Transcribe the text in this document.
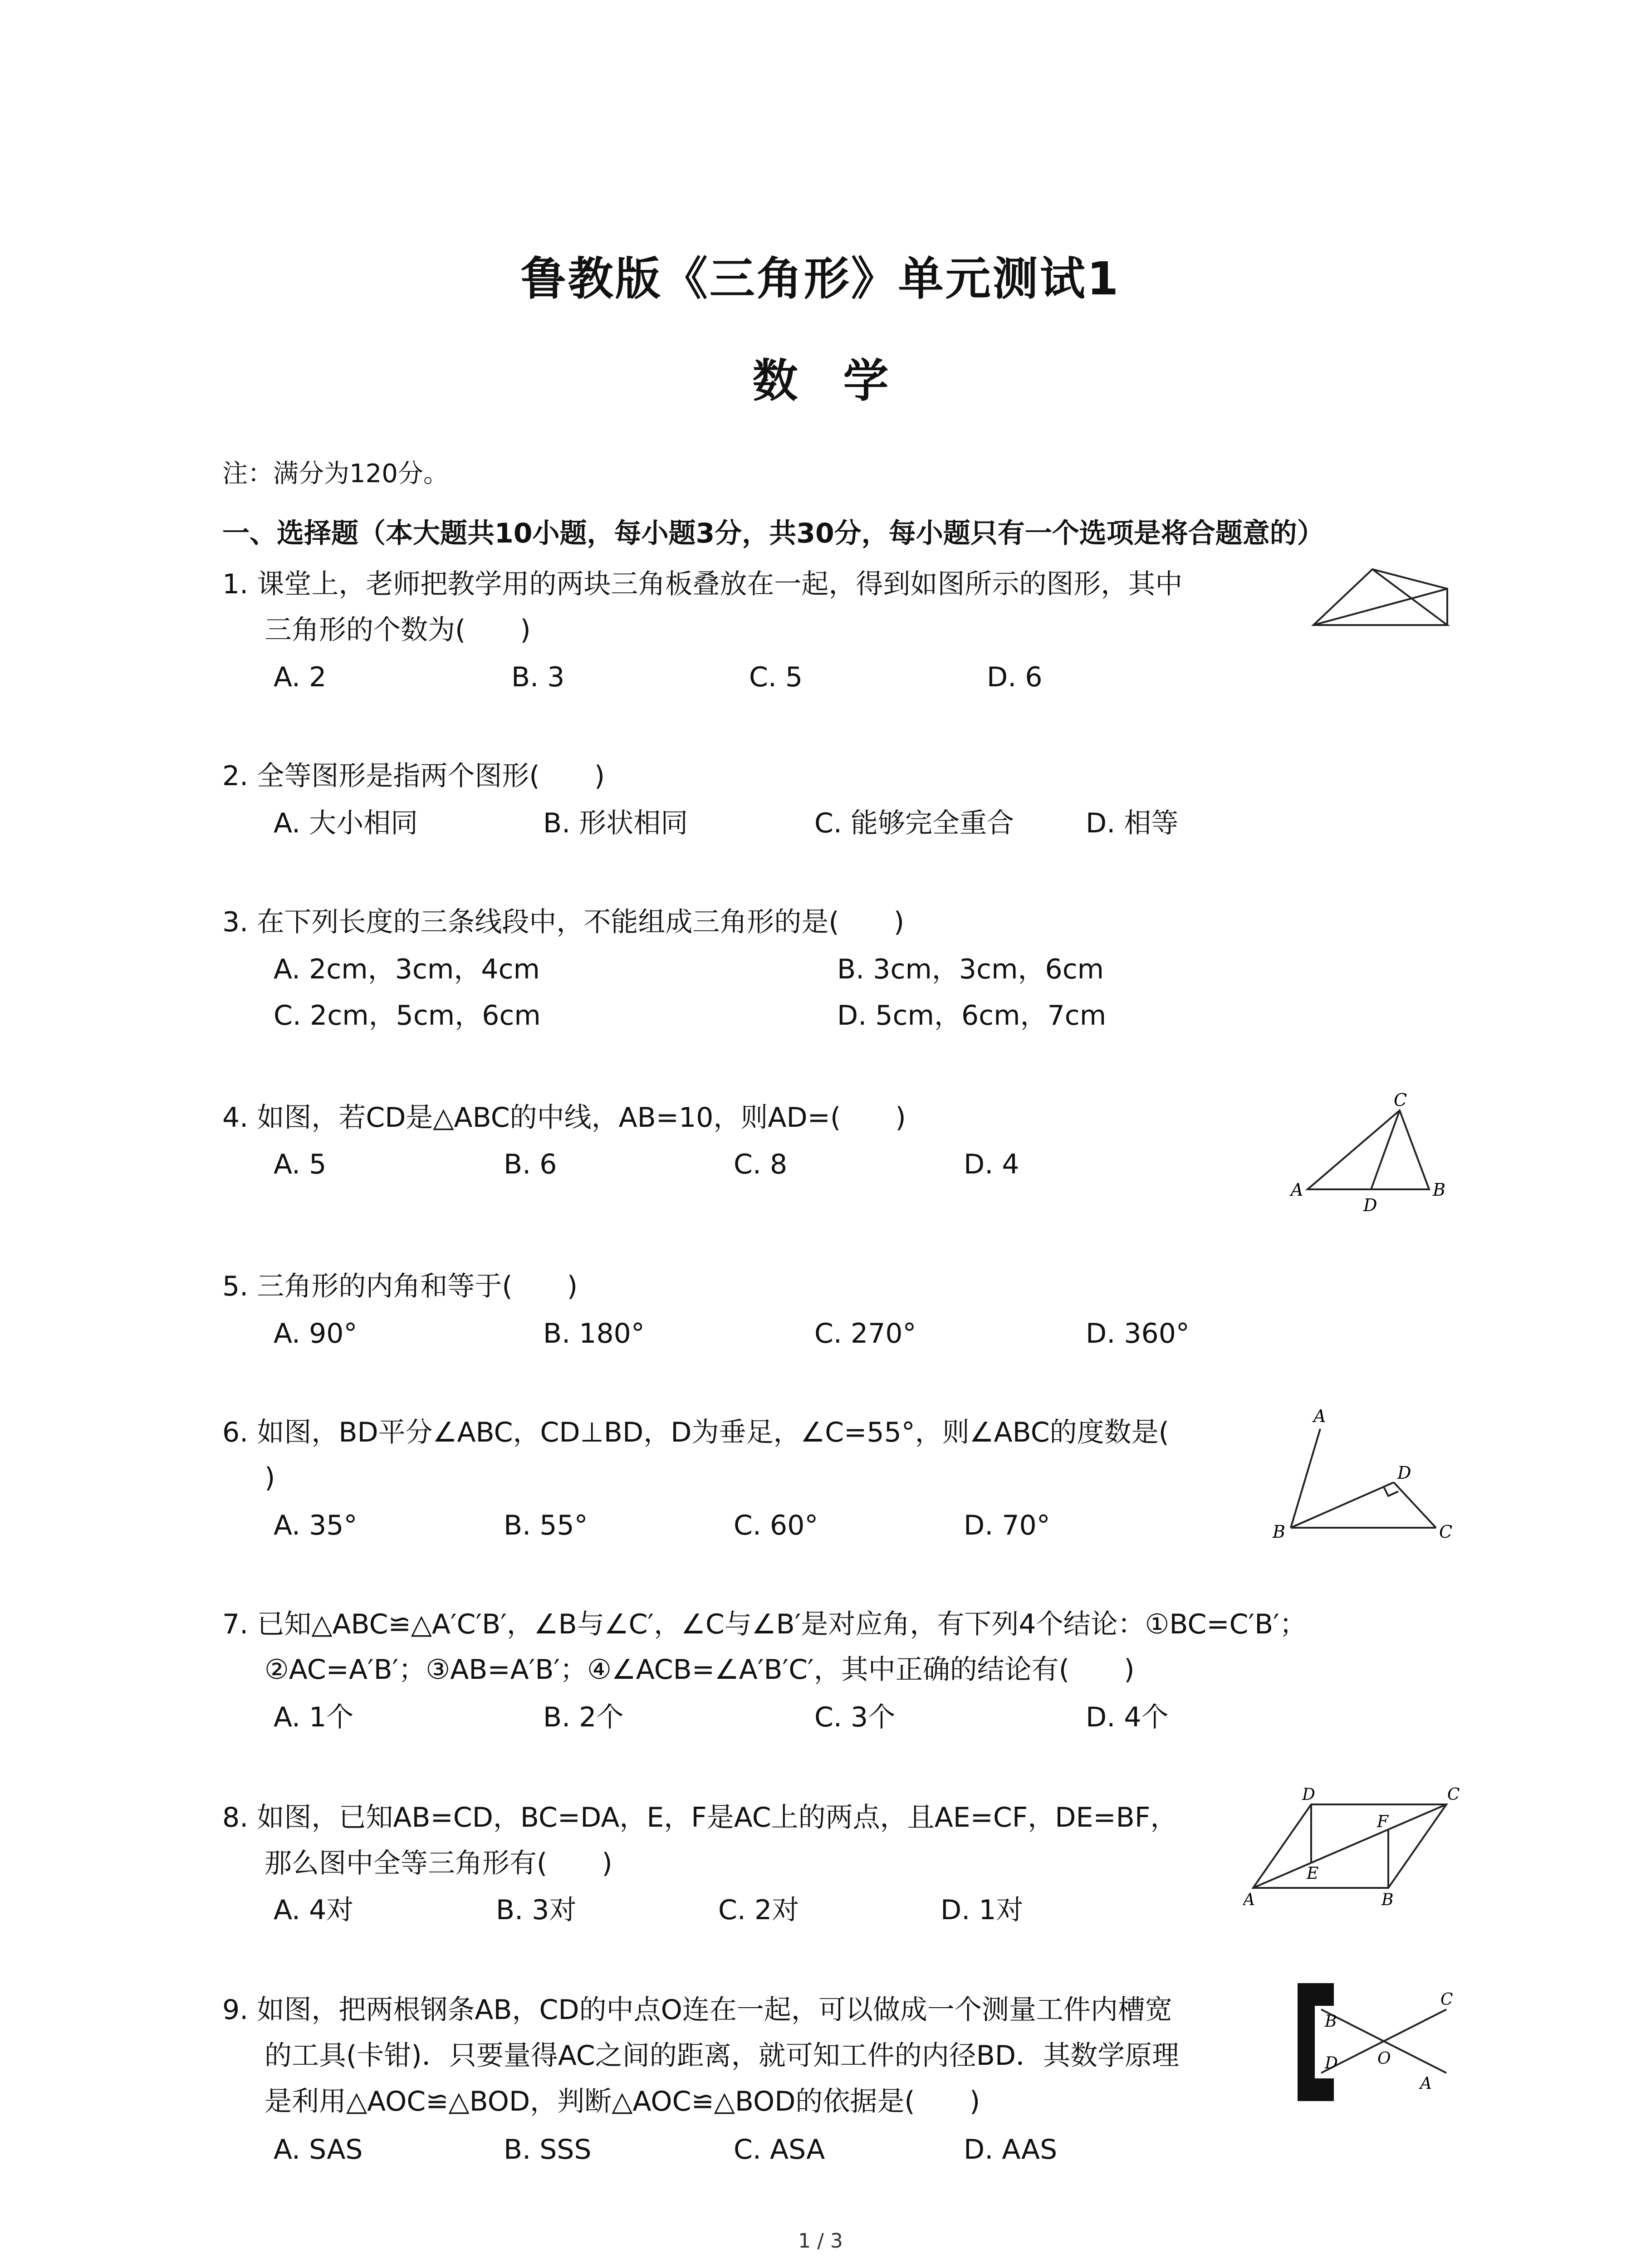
鲁教版《三角形》单元测试1
数 学
注：满分为120分。
一、选择题（本大题共10小题，每小题3分，共30分，每小题只有一个选项是将合题意的）
1. 课堂上，老师把教学用的两块三角板叠放在一起，得到如图所示的图形，其中
三角形的个数为(　　)
A. 2	B. 3	C. 5	D. 6
2. 全等图形是指两个图形(　　)
A. 大小相同	B. 形状相同	C. 能够完全重合	D. 相等
3. 在下列长度的三条线段中，不能组成三角形的是(　　)
A. 2cm，3cm，4cm	B. 3cm，3cm，6cm
C. 2cm，5cm，6cm	D. 5cm，6cm，7cm
4. 如图，若CD是△ABC的中线，AB=10，则AD=(　　)
A. 5	B. 6	C. 8	D. 4
C
A
D
B
5. 三角形的内角和等于(　　)
A. 90°	B. 180°	C. 270°	D. 360°
6. 如图，BD平分∠ABC，CD⊥BD，D为垂足，∠C=55°，则∠ABC的度数是(
)
A. 35°	B. 55°	C. 60°	D. 70°
A
D
B	C
7. 已知△ABC≌△A′C′B′，∠B与∠C′，∠C与∠B′是对应角，有下列4个结论：①BC=C′B′；
②AC=A′B′；③AB=A′B′；④∠ACB=∠A′B′C′，其中正确的结论有(　　)
A. 1个	B. 2个	C. 3个	D. 4个
8. 如图，已知AB=CD，BC=DA，E，F是AC上的两点，且AE=CF，DE=BF，
那么图中全等三角形有(　　)
A. 4对	B. 3对	C. 2对	D. 1对
D
F
C
E
A	B
9. 如图，把两根钢条AB，CD的中点O连在一起，可以做成一个测量工件内槽宽
的工具(卡钳)．只要量得AC之间的距离，就可知工件的内径BD．其数学原理
是利用△AOC≌△BOD，判断△AOC≌△BOD的依据是(　　)
A. SAS	B. SSS	C. ASA	D. AAS
B
C
O
D
A
1 / 3
